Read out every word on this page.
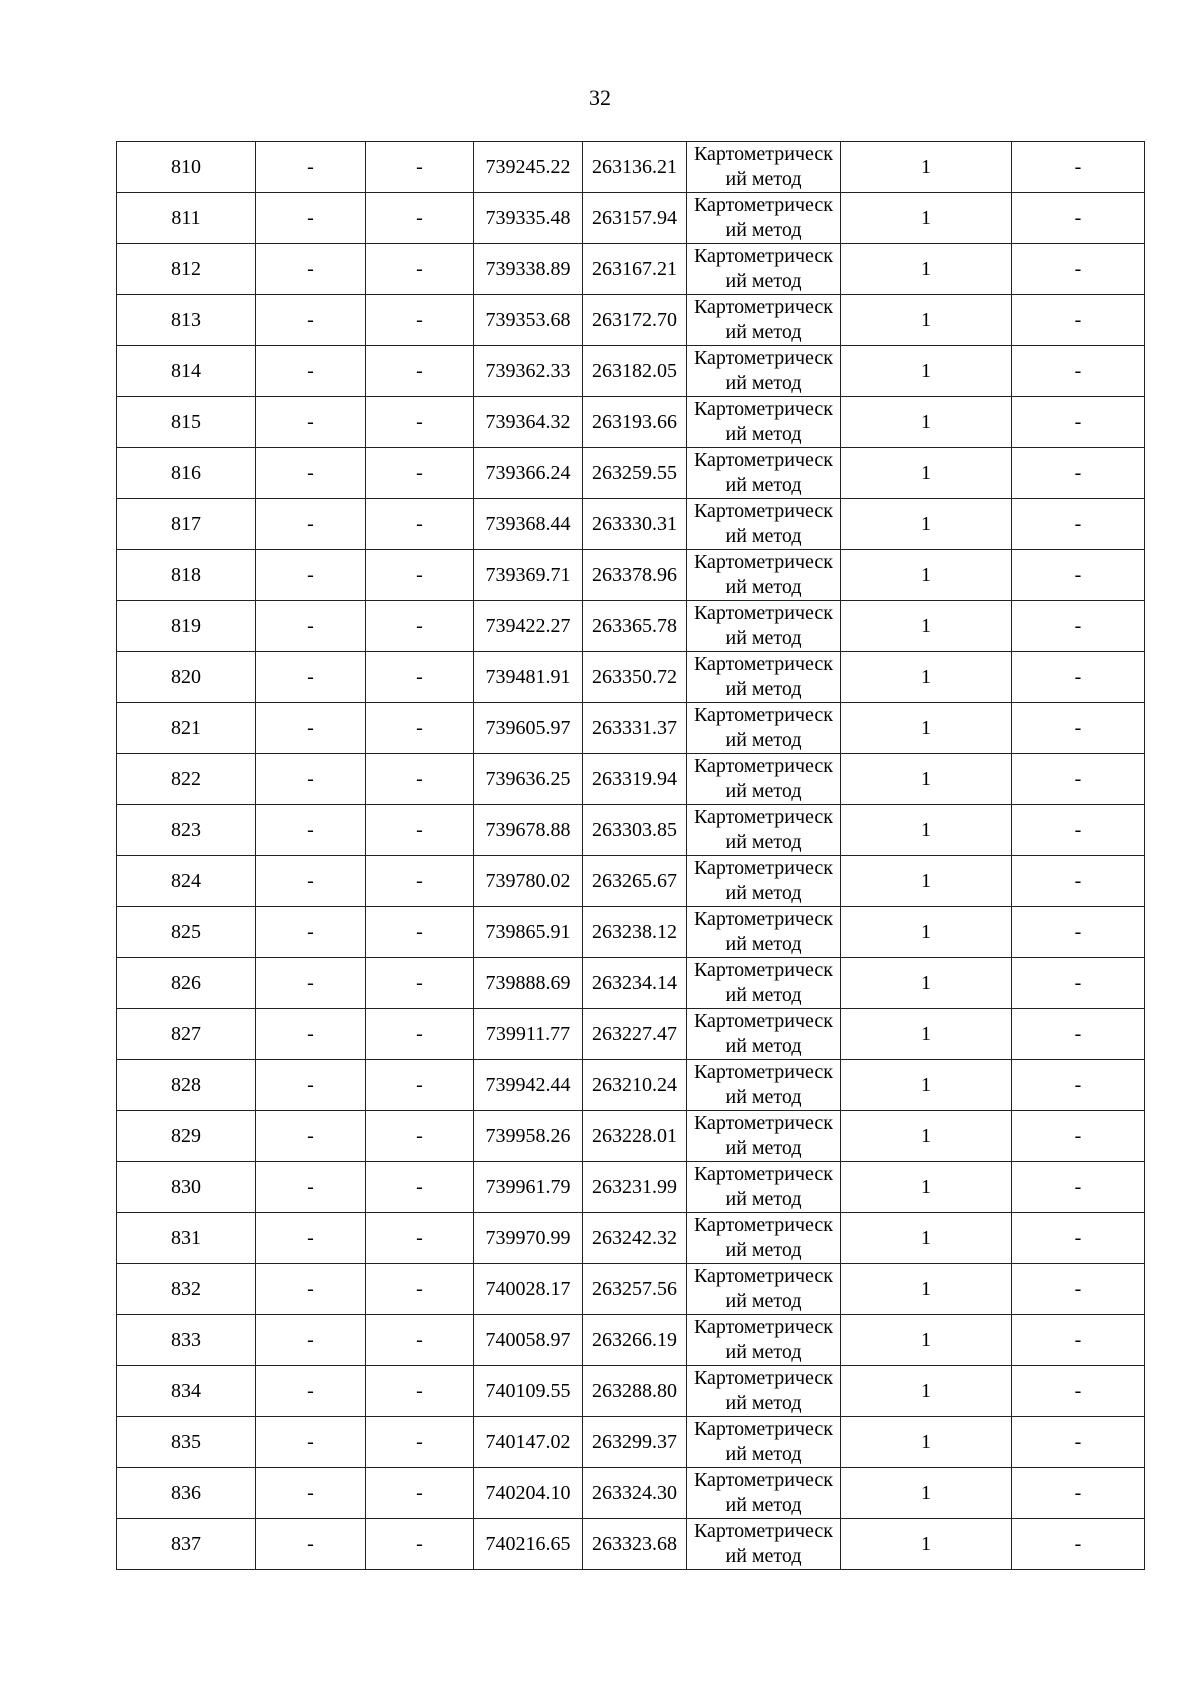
32
810	-	-	739245.22	263136.21	Картометрический метод	1	-
811	-	-	739335.48	263157.94	Картометрический метод	1	-
812	-	-	739338.89	263167.21	Картометрический метод	1	-
813	-	-	739353.68	263172.70	Картометрический метод	1	-
814	-	-	739362.33	263182.05	Картометрический метод	1	-
815	-	-	739364.32	263193.66	Картометрический метод	1	-
816	-	-	739366.24	263259.55	Картометрический метод	1	-
817	-	-	739368.44	263330.31	Картометрический метод	1	-
818	-	-	739369.71	263378.96	Картометрический метод	1	-
819	-	-	739422.27	263365.78	Картометрический метод	1	-
820	-	-	739481.91	263350.72	Картометрический метод	1	-
821	-	-	739605.97	263331.37	Картометрический метод	1	-
822	-	-	739636.25	263319.94	Картометрический метод	1	-
823	-	-	739678.88	263303.85	Картометрический метод	1	-
824	-	-	739780.02	263265.67	Картометрический метод	1	-
825	-	-	739865.91	263238.12	Картометрический метод	1	-
826	-	-	739888.69	263234.14	Картометрический метод	1	-
827	-	-	739911.77	263227.47	Картометрический метод	1	-
828	-	-	739942.44	263210.24	Картометрический метод	1	-
829	-	-	739958.26	263228.01	Картометрический метод	1	-
830	-	-	739961.79	263231.99	Картометрический метод	1	-
831	-	-	739970.99	263242.32	Картометрический метод	1	-
832	-	-	740028.17	263257.56	Картометрический метод	1	-
833	-	-	740058.97	263266.19	Картометрический метод	1	-
834	-	-	740109.55	263288.80	Картометрический метод	1	-
835	-	-	740147.02	263299.37	Картометрический метод	1	-
836	-	-	740204.10	263324.30	Картометрический метод	1	-
837	-	-	740216.65	263323.68	Картометрический метод	1	-
